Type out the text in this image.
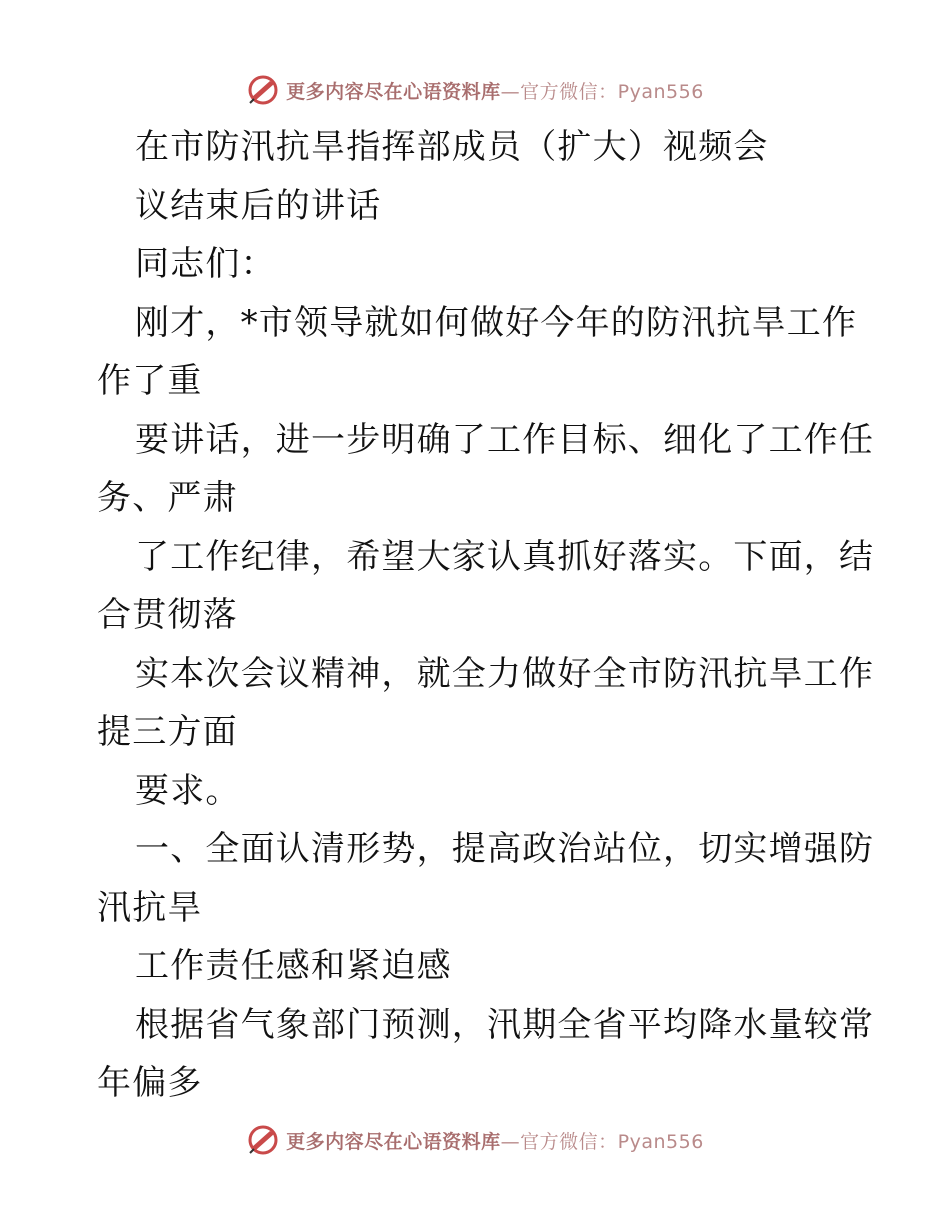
更多内容尽在心语资料库—官方微信：Pyan556
在市防汛抗旱指挥部成员（扩大）视频会
议结束后的讲话
同志们：
刚才，*市领导就如何做好今年的防汛抗旱工作
作了重
要讲话，进一步明确了工作目标、细化了工作任
务、严肃
了工作纪律，希望大家认真抓好落实。下面，结
合贯彻落
实本次会议精神，就全力做好全市防汛抗旱工作
提三方面
要求。
一、全面认清形势，提高政治站位，切实增强防
汛抗旱
工作责任感和紧迫感
根据省气象部门预测，汛期全省平均降水量较常
年偏多
更多内容尽在心语资料库—官方微信：Pyan556
